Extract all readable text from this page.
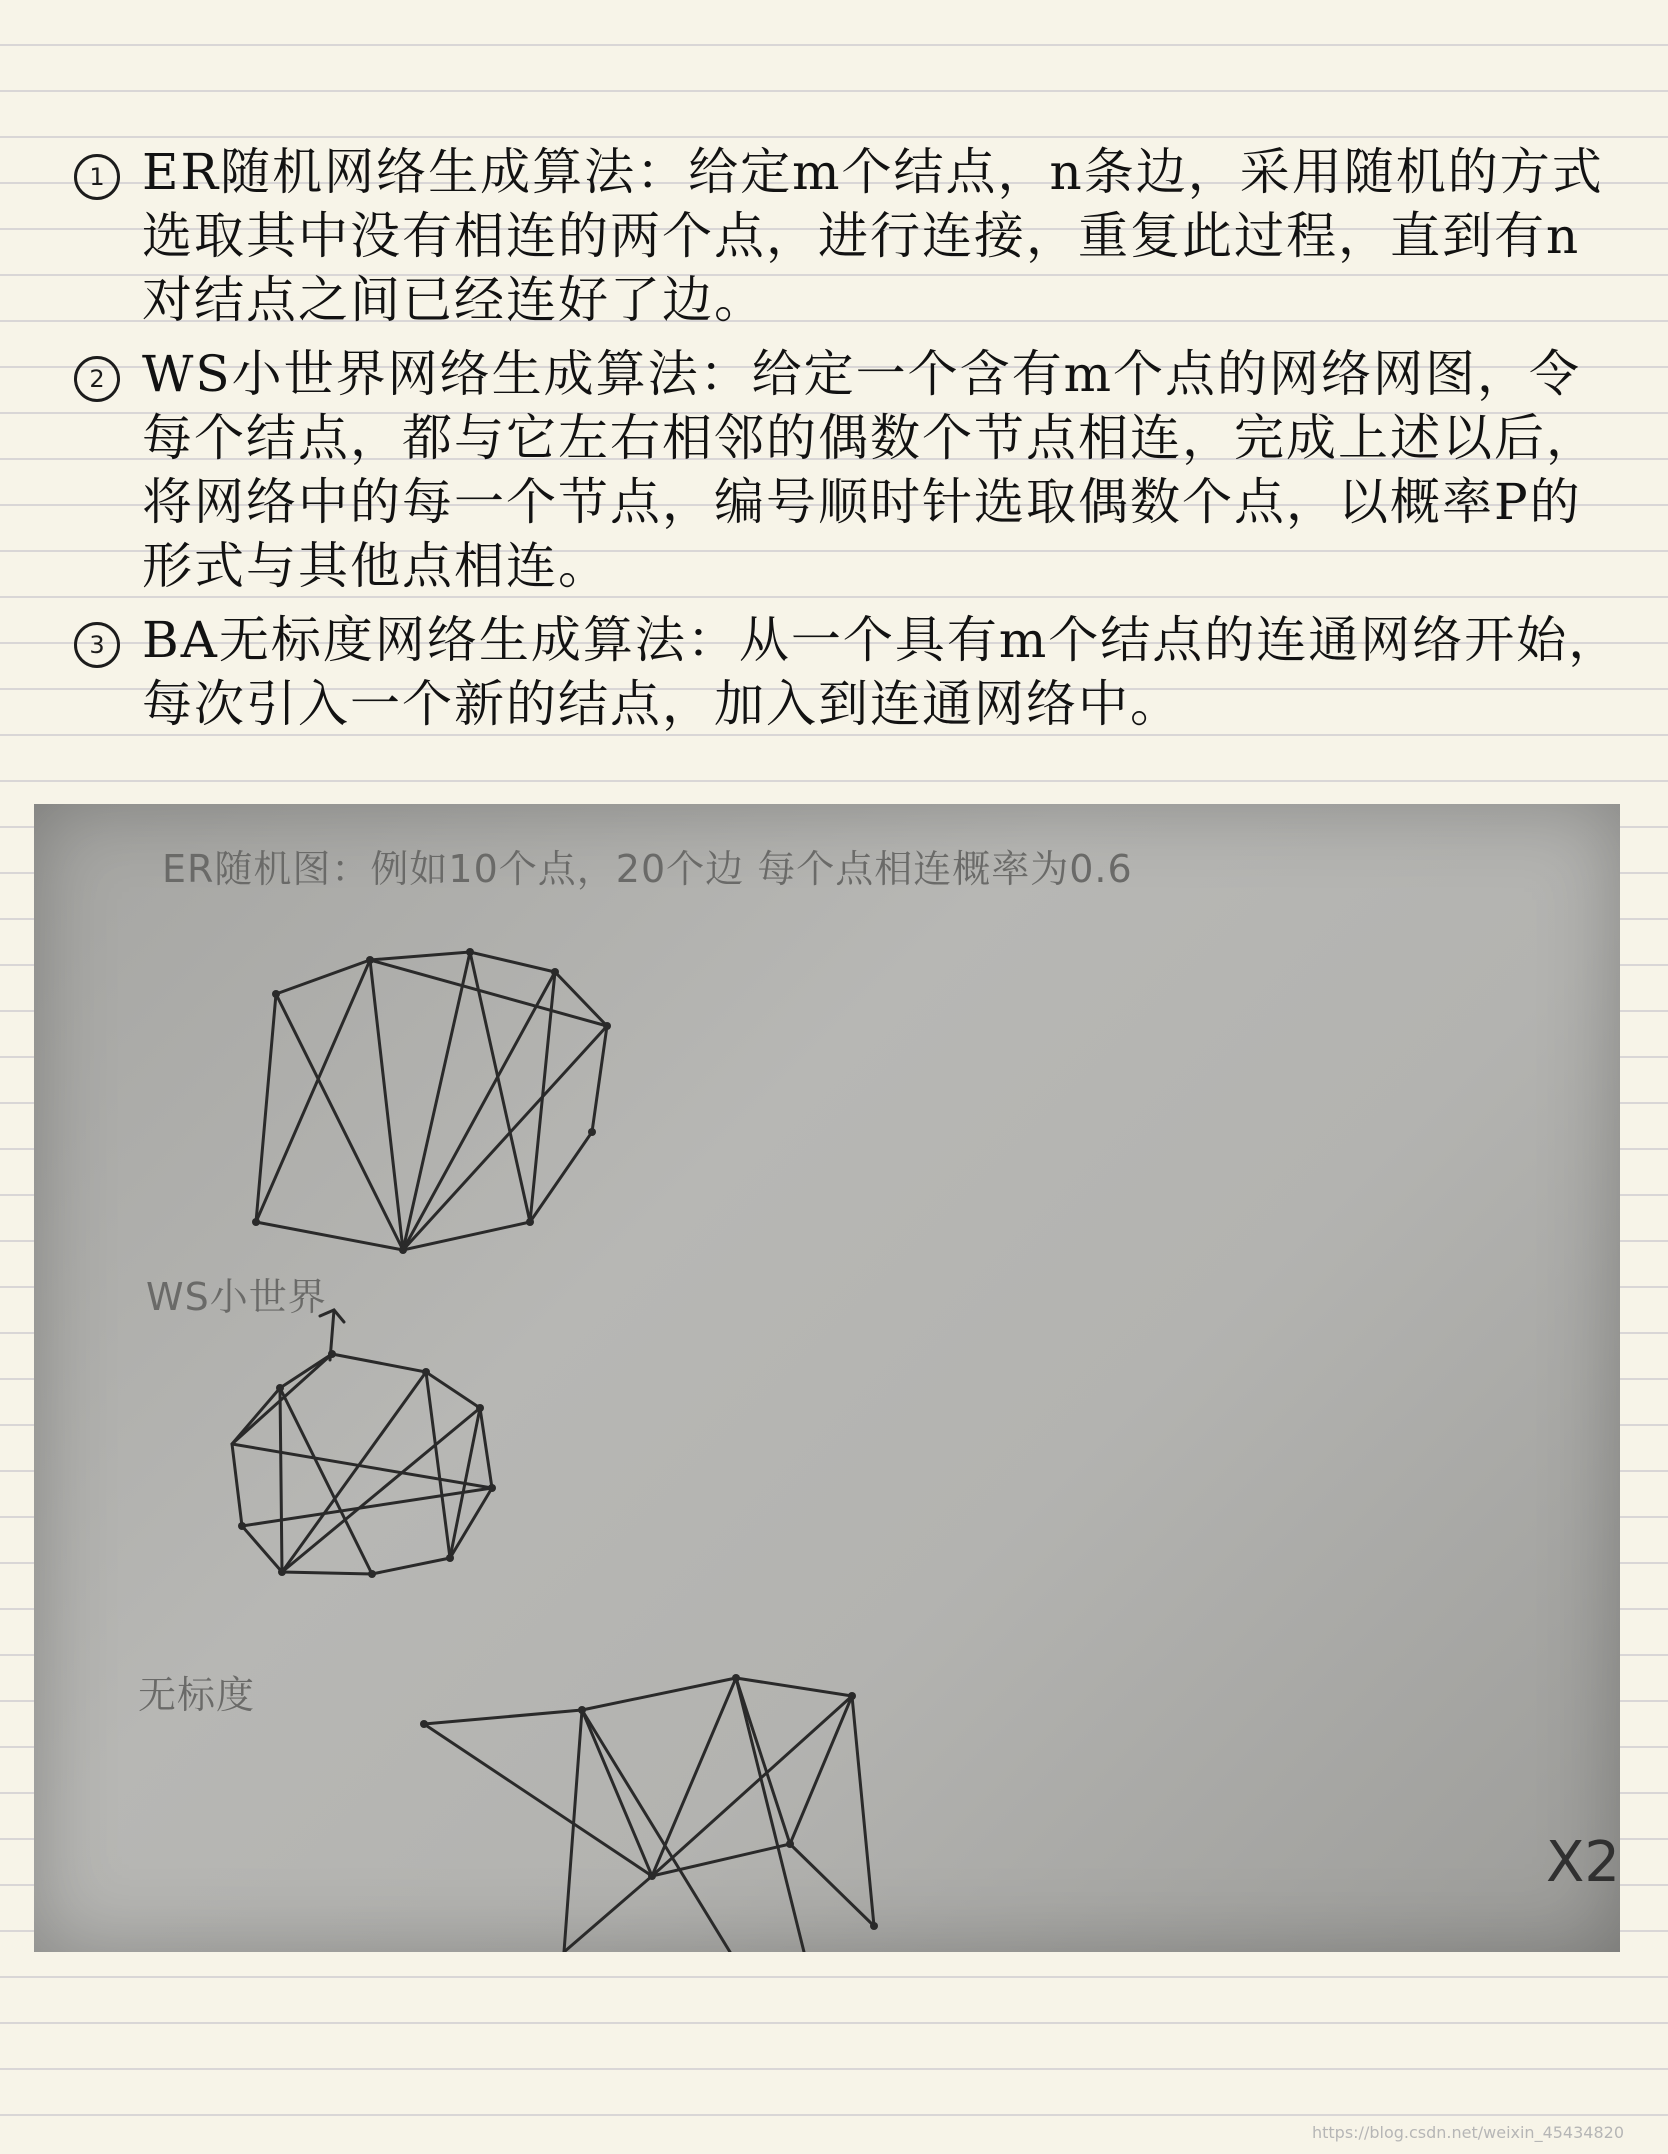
1 ER随机网络生成算法：给定m个结点，n条边，采用随机的方式选取其中没有相连的两个点，进行连接，重复此过程，直到有n对结点之间已经连好了边。
2 WS小世界网络生成算法：给定一个含有m个点的网络网图，令每个结点，都与它左右相邻的偶数个节点相连，完成上述以后，将网络中的每一个节点，编号顺时针选取偶数个点，以概率P的形式与其他点相连。
3 BA无标度网络生成算法：从一个具有m个结点的连通网络开始，每次引入一个新的结点，加入到连通网络中。
ER随机图：例如10个点，20个边 每个点相连概率为0.6
WS小世界
无标度
X2
https://blog.csdn.net/weixin_45434820
